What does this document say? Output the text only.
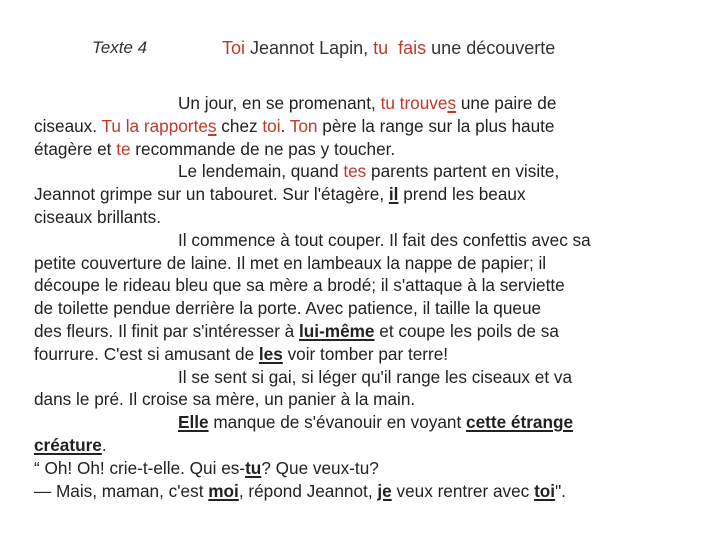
Texte 4	Toi Jeannot Lapin, tu fais une découverte
Un jour, en se promenant, tu trouves une paire de
ciseaux. Tu la rapportes chez toi. Ton père la range sur la plus haute
étagère et te recommande de ne pas y toucher.
Le lendemain, quand tes parents partent en visite,
Jeannot grimpe sur un tabouret. Sur l'étagère, il prend les beaux
ciseaux brillants.
Il commence à tout couper. Il fait des confettis avec sa
petite couverture de laine. Il met en lambeaux la nappe de papier; il
découpe le rideau bleu que sa mère a brodé; il s'attaque à la serviette
de toilette pendue derrière la porte. Avec patience, il taille la queue
des fleurs. Il finit par s'intéresser à lui-même et coupe les poils de sa
fourrure. C'est si amusant de les voir tomber par terre!
Il se sent si gai, si léger qu'il range les ciseaux et va
dans le pré. Il croise sa mère, un panier à la main.
Elle manque de s'évanouir en voyant cette étrange
créature.
“ Oh! Oh! crie-t-elle. Qui es-tu? Que veux-tu?
— Mais, maman, c'est moi, répond Jeannot, je veux rentrer avec toi".
